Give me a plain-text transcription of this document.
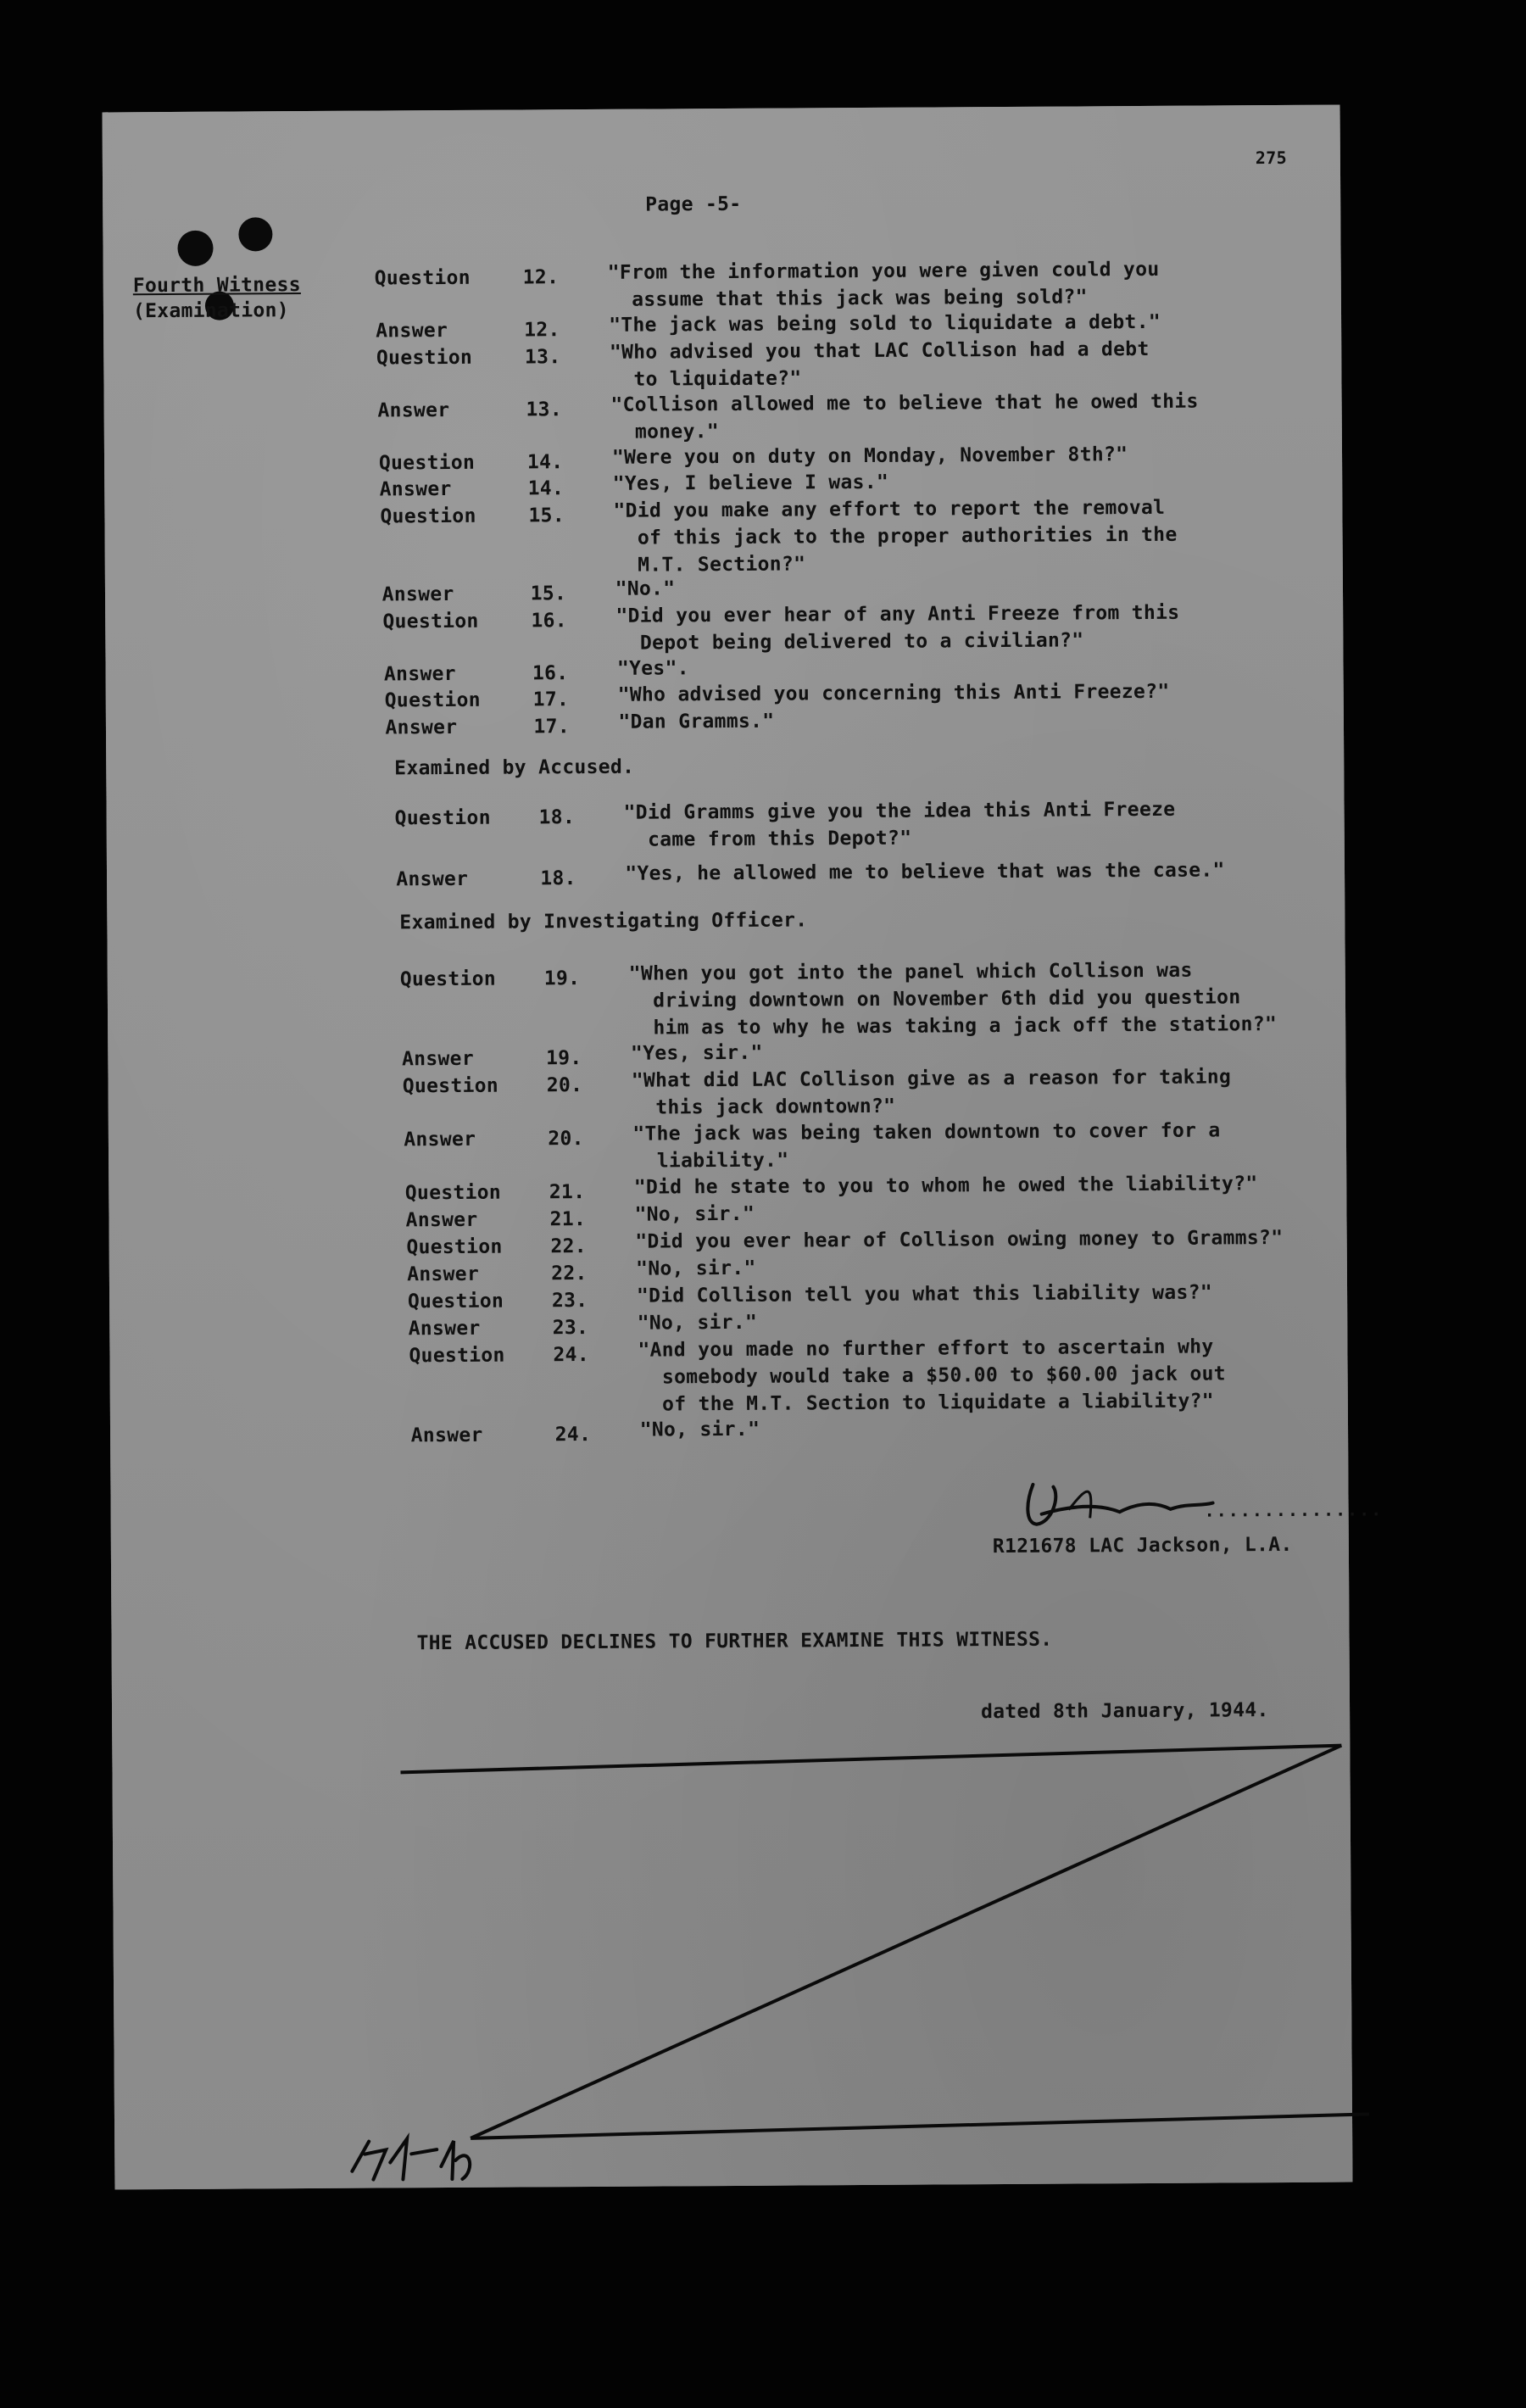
275
Page -5-
Fourth Witness
(Examination)
Question	12.	"From the information you were given could you
assume that this jack was being sold?"
Answer	12.	"The jack was being sold to liquidate a debt."
Question	13.	"Who advised you that LAC Collison had a debt
to liquidate?"
Answer	13.	"Collison allowed me to believe that he owed this
money."
Question	14.	"Were you on duty on Monday, November 8th?"
Answer	14.	"Yes, I believe I was."
Question	15.	"Did you make any effort to report the removal
of this jack to the proper authorities in the
M.T. Section?"
Answer	15.	"No."
Question	16.	"Did you ever hear of any Anti Freeze from this
Depot being delivered to a civilian?"
Answer	16.	"Yes".
Question	17.	"Who advised you concerning this Anti Freeze?"
Answer	17.	"Dan Gramms."
Examined by Accused.
Question	18.	"Did Gramms give you the idea this Anti Freeze
came from this Depot?"
Answer	18.	"Yes, he allowed me to believe that was the case."
Examined by Investigating Officer.
Question	19.	"When you got into the panel which Collison was
driving downtown on November 6th did you question
him as to why he was taking a jack off the station?"
Answer	19.	"Yes, sir."
Question	20.	"What did LAC Collison give as a reason for taking
this jack downtown?"
Answer	20.	"The jack was being taken downtown to cover for a
liability."
Question	21.	"Did he state to you to whom he owed the liability?"
Answer	21.	"No, sir."
Question	22.	"Did you ever hear of Collison owing money to Gramms?"
Answer	22.	"No, sir."
Question	23.	"Did Collison tell you what this liability was?"
Answer	23.	"No, sir."
Question	24.	"And you made no further effort to ascertain why
somebody would take a $50.00 to $60.00 jack out
of the M.T. Section to liquidate a liability?"
Answer	24.	"No, sir."
...............
R121678 LAC Jackson, L.A.
THE ACCUSED DECLINES TO FURTHER EXAMINE THIS WITNESS.
dated 8th January, 1944.
